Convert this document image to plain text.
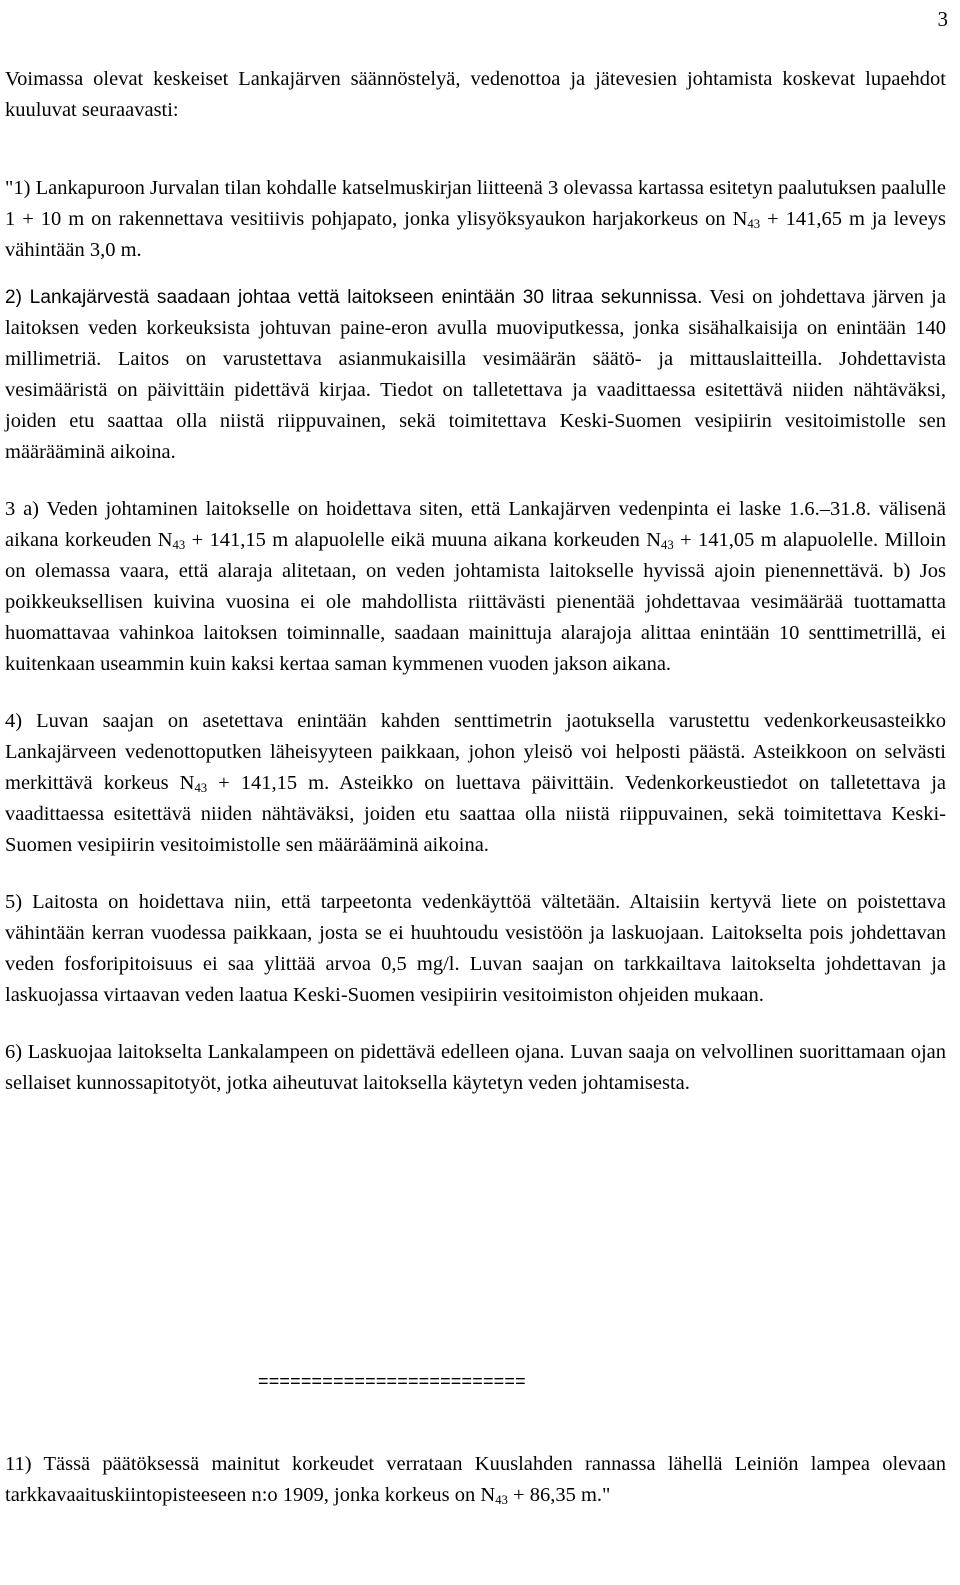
3

Voimassa olevat keskeiset Lankajärven säännöstelyä, vedenottoa ja jätevesien johtamista koskevat lupaehdot kuuluvat seuraavasti:

"1) Lankapuroon Jurvalan tilan kohdalle katselmuskirjan liitteenä 3 olevassa kartassa esitetyn paalutuksen paalulle 1 + 10 m on rakennettava vesitiivis pohjapato, jonka ylisyöksyaukon harjakorkeus on $N_{43} + 141,65$ m ja leveys vähintään 3,0 m.

2) Lankajärvestä saadaan johtaa vettä laitokseen enintään 30 litraa sekunnissa. Vesi on johdettava järven ja laitoksen veden korkeuksista johtuvan paine-eron avulla muoviputkessa, jonka sisähalkaisija on enintään 140 millimetriä. Laitos on varustettava asianmukaisilla vesimäärän säätö- ja mittauslaitteilla. Johdettavista vesimääristä on päivittäin pidettävä kirjaa. Tiedot on talletettava ja vaadittaessa esitettävä niiden nähtäväksi, joiden etu saattaa olla niistä riippuvainen, sekä toimitettava Keski-Suomen vesipiirin vesitoimistolle sen määrääminä aikoina.

3 a) Veden johtaminen laitokselle on hoidettava siten, että Lankajärven vedenpinta ei laske 1.6.–31.8. välisenä aikana korkeuden $N_{43} + 141,15$ m alapuolelle eikä muuna aikana korkeuden $N_{43} + 141,05$ m alapuolelle. Milloin on olemassa vaara, että alaraja alitetaan, on veden johtamista laitokselle hyvissä ajoin pienennettävä. b) Jos poikkeuksellisen kuivina vuosina ei ole mahdollista riittävästi pienentää johdettavaa vesimäärää tuottamatta huomattavaa vahinkoa laitoksen toiminnalle, saadaan mainittuja alarajoja alittaa enintään 10 senttimetrillä, ei kuitenkaan useammin kuin kaksi kertaa saman kymmenen vuoden jakson aikana.

4) Luvan saajan on asetettava enintään kahden senttimetrin jaotuksella varustettu vedenkorkeusasteikko Lankajärveen vedenottoputken läheisyyteen paikkaan, johon yleisö voi helposti päästä. Asteikkoon on selvästi merkittävä korkeus $N_{43} + 141,15$ m. Asteikko on luettava päivittäin. Vedenkorkeustiedot on talletettava ja vaadittaessa esitettävä niiden nähtäväksi, joiden etu saattaa olla niistä riippuvainen, sekä toimitettava Keski-Suomen vesipiirin vesitoimistolle sen määrääminä aikoina.

5) Laitosta on hoidettava niin, että tarpeetonta vedenkäyttöä vältetään. Altaisiin kertyvä liete on poistettava vähintään kerran vuodessa paikkaan, josta se ei huuhtoudu vesistöön ja laskuojaan. Laitokselta pois johdettavan veden fosforipitoisuus ei saa ylittää arvoa 0,5 mg/l. Luvan saajan on tarkkailtava laitokselta johdettavan ja laskuojassa virtaavan veden laatua Keski-Suomen vesipiirin vesitoimiston ohjeiden mukaan.

6) Laskuojaa laitokselta Lankalampeen on pidettävä edelleen ojana. Luvan saaja on velvollinen suorittamaan ojan sellaiset kunnossapitotyöt, jotka aiheutuvat laitoksella käytetyn veden johtamisesta.

=========================

11) Tässä päätöksessä mainitut korkeudet verrataan Kuuslahden rannassa lähellä Leiniön lampea olevaan tarkkavaaituskiintopisteeseen n:o 1909, jonka korkeus on $N_{43} + 86,35$ m."
